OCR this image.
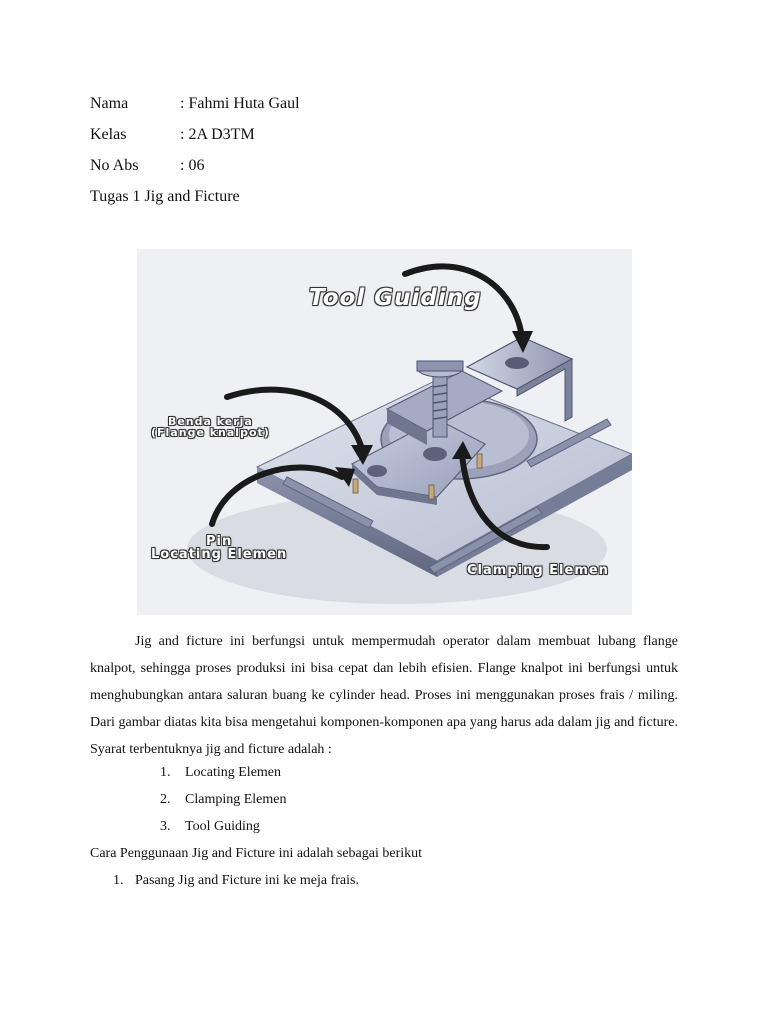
Nama	: Fahmi Huta Gaul
Kelas	: 2A D3TM
No Abs	: 06
Tugas 1 Jig and Ficture
Tool Guiding
Benda kerja
(Flange knalpot)
Pin
Locating Elemen
Clamping Elemen

Jig and ficture ini berfungsi untuk mempermudah operator dalam membuat lubang flange knalpot, sehingga proses produksi ini bisa cepat dan lebih efisien. Flange knalpot ini berfungsi untuk menghubungkan antara saluran buang ke cylinder head. Proses ini menggunakan proses frais / miling. Dari gambar diatas kita bisa mengetahui komponen-komponen apa yang harus ada dalam jig and ficture. Syarat terbentuknya jig and ficture adalah :

1. Locating Elemen
2. Clamping Elemen
3. Tool Guiding
Cara Penggunaan Jig and Ficture ini adalah sebagai berikut
1. Pasang Jig and Ficture ini ke meja frais.
